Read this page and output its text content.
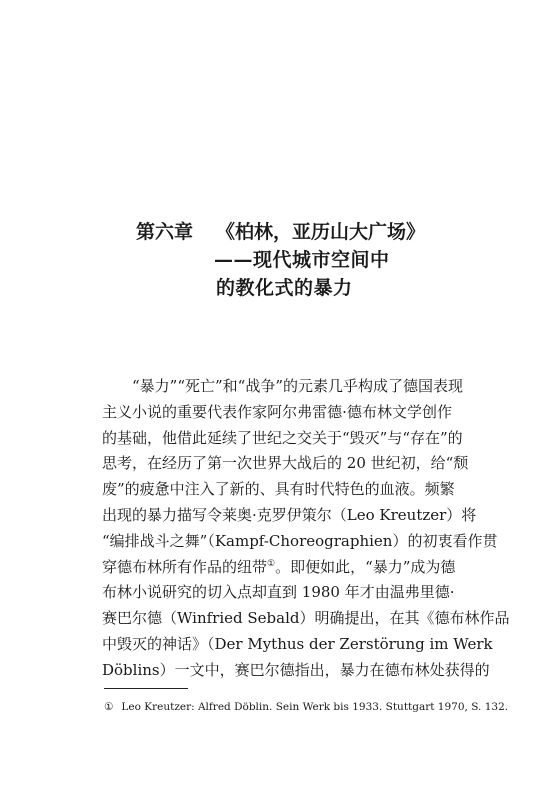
第六章 《柏林，亚历山大广场》
——现代城市空间中
的教化式的暴力
“暴力”“死亡”和“战争”的元素几乎构成了德国表现
主义小说的重要代表作家阿尔弗雷德·德布林文学创作
的基础，他借此延续了世纪之交关于“毁灭”与“存在”的
思考，在经历了第一次世界大战后的 20 世纪初，给“颓
废”的疲惫中注入了新的、具有时代特色的血液。频繁
出现的暴力描写令莱奥·克罗伊策尔（Leo Kreutzer）将
“编排战斗之舞”（Kampf-Choreographien）的初衷看作贯
穿德布林所有作品的纽带①。即便如此，“暴力”成为德
布林小说研究的切入点却直到 1980 年才由温弗里德·
赛巴尔德（Winfried Sebald）明确提出，在其《德布林作品
中毁灭的神话》（Der Mythus der Zerstörung im Werk
Döblins）一文中，赛巴尔德指出，暴力在德布林处获得的
① Leo Kreutzer: Alfred Döblin. Sein Werk bis 1933. Stuttgart 1970, S. 132.
